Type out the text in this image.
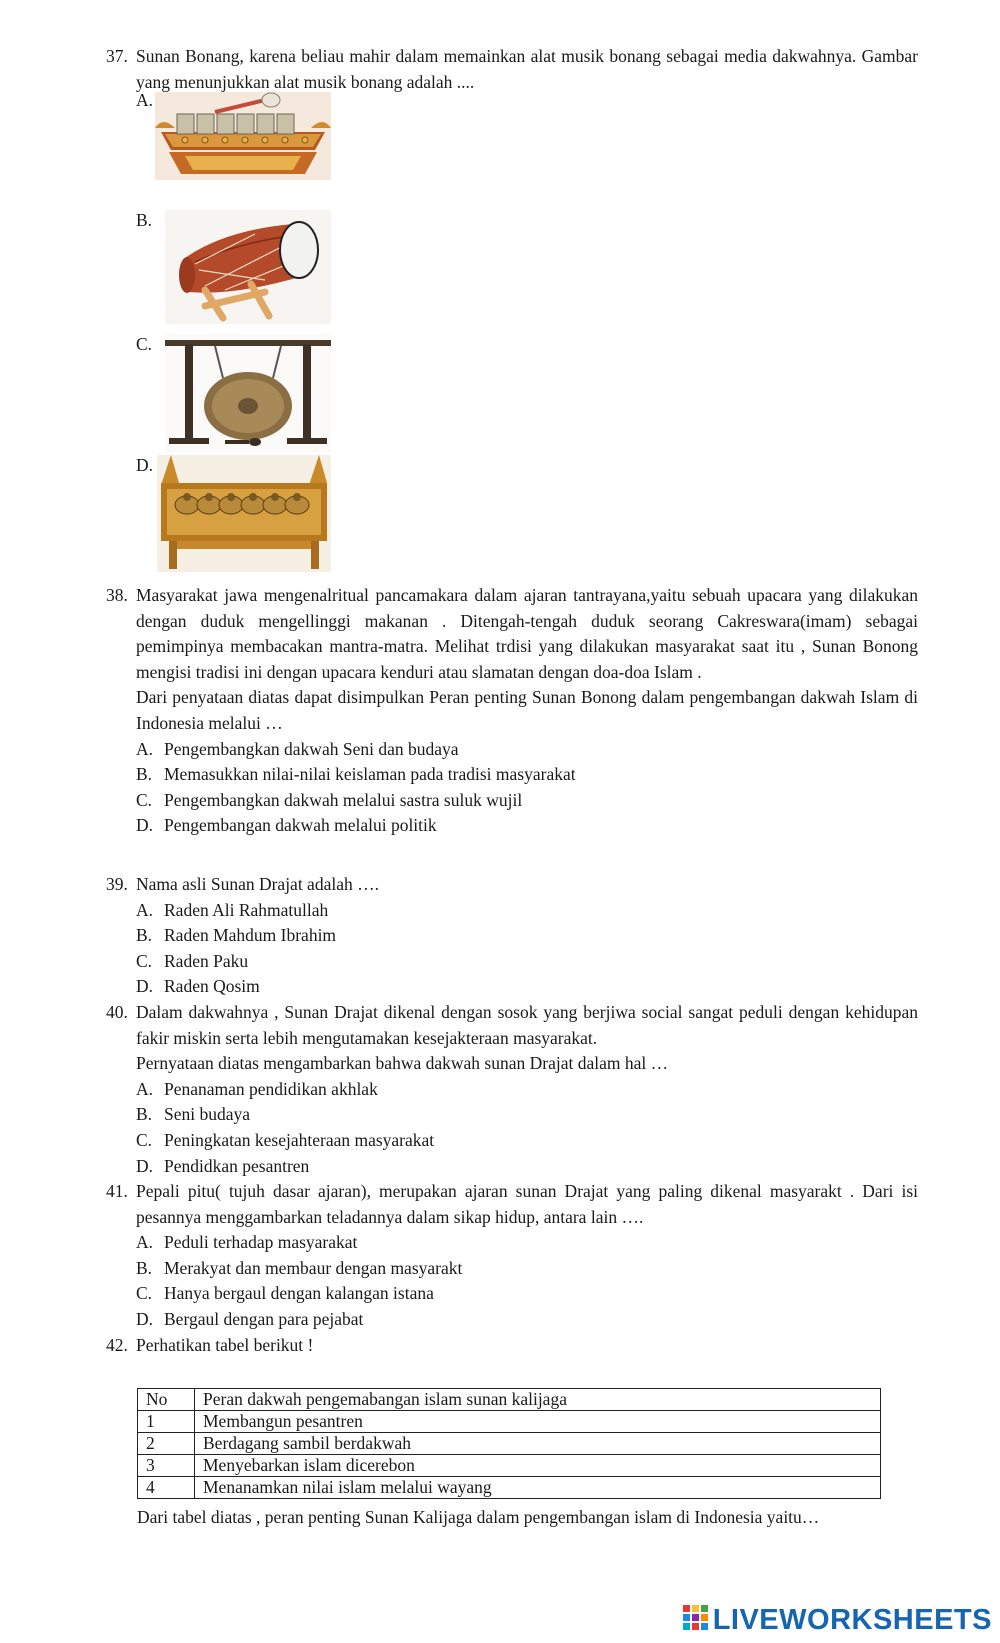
37. Sunan Bonang, karena beliau mahir dalam memainkan alat musik bonang sebagai media dakwahnya. Gambar yang menunjukkan alat musik bonang adalah ....

A.
B.
C.
D.
38. Masyarakat jawa mengenalritual pancamakara dalam ajaran tantrayana,yaitu sebuah upacara yang dilakukan dengan duduk mengellinggi makanan . Ditengah-tengah duduk seorang Cakreswara(imam) sebagai pemimpinya membacakan mantra-matra. Melihat trdisi yang dilakukan masyarakat saat itu , Sunan Bonong mengisi tradisi ini dengan upacara kenduri atau slamatan dengan doa-doa Islam .

Dari penyataan diatas dapat disimpulkan Peran penting Sunan Bonong dalam pengembangan dakwah Islam di Indonesia melalui …

A. Pengembangkan dakwah Seni dan budaya
B. Memasukkan nilai-nilai keislaman pada tradisi masyarakat
C. Pengembangkan dakwah melalui sastra suluk wujil
D. Pengembangan dakwah melalui politik
39. Nama asli Sunan Drajat adalah ….

A. Raden Ali Rahmatullah
B. Raden Mahdum Ibrahim
C. Raden Paku
D. Raden Qosim
40. Dalam dakwahnya , Sunan Drajat dikenal dengan sosok yang berjiwa social sangat peduli dengan kehidupan fakir miskin serta lebih mengutamakan kesejakteraan masyarakat.

Pernyataan diatas mengambarkan bahwa dakwah sunan Drajat dalam hal …

A. Penanaman pendidikan akhlak
B. Seni budaya
C. Peningkatan kesejahteraan masyarakat
D. Pendidkan pesantren
41. Pepali pitu( tujuh dasar ajaran), merupakan ajaran sunan Drajat yang paling dikenal masyarakt . Dari isi pesannya menggambarkan teladannya dalam sikap hidup, antara lain ….

A. Peduli terhadap masyarakat
B. Merakyat dan membaur dengan masyarakt
C. Hanya bergaul dengan kalangan istana
D. Bergaul dengan para pejabat
42. Perhatikan tabel berikut !

No	Peran dakwah pengemabangan islam sunan kalijaga
1	Membangun pesantren
2	Berdagang sambil berdakwah
3	Menyebarkan islam dicerebon
4	Menanamkan nilai islam melalui wayang
Dari tabel diatas , peran penting Sunan Kalijaga dalam pengembangan islam di Indonesia yaitu…
LIVEWORKSHEETS
